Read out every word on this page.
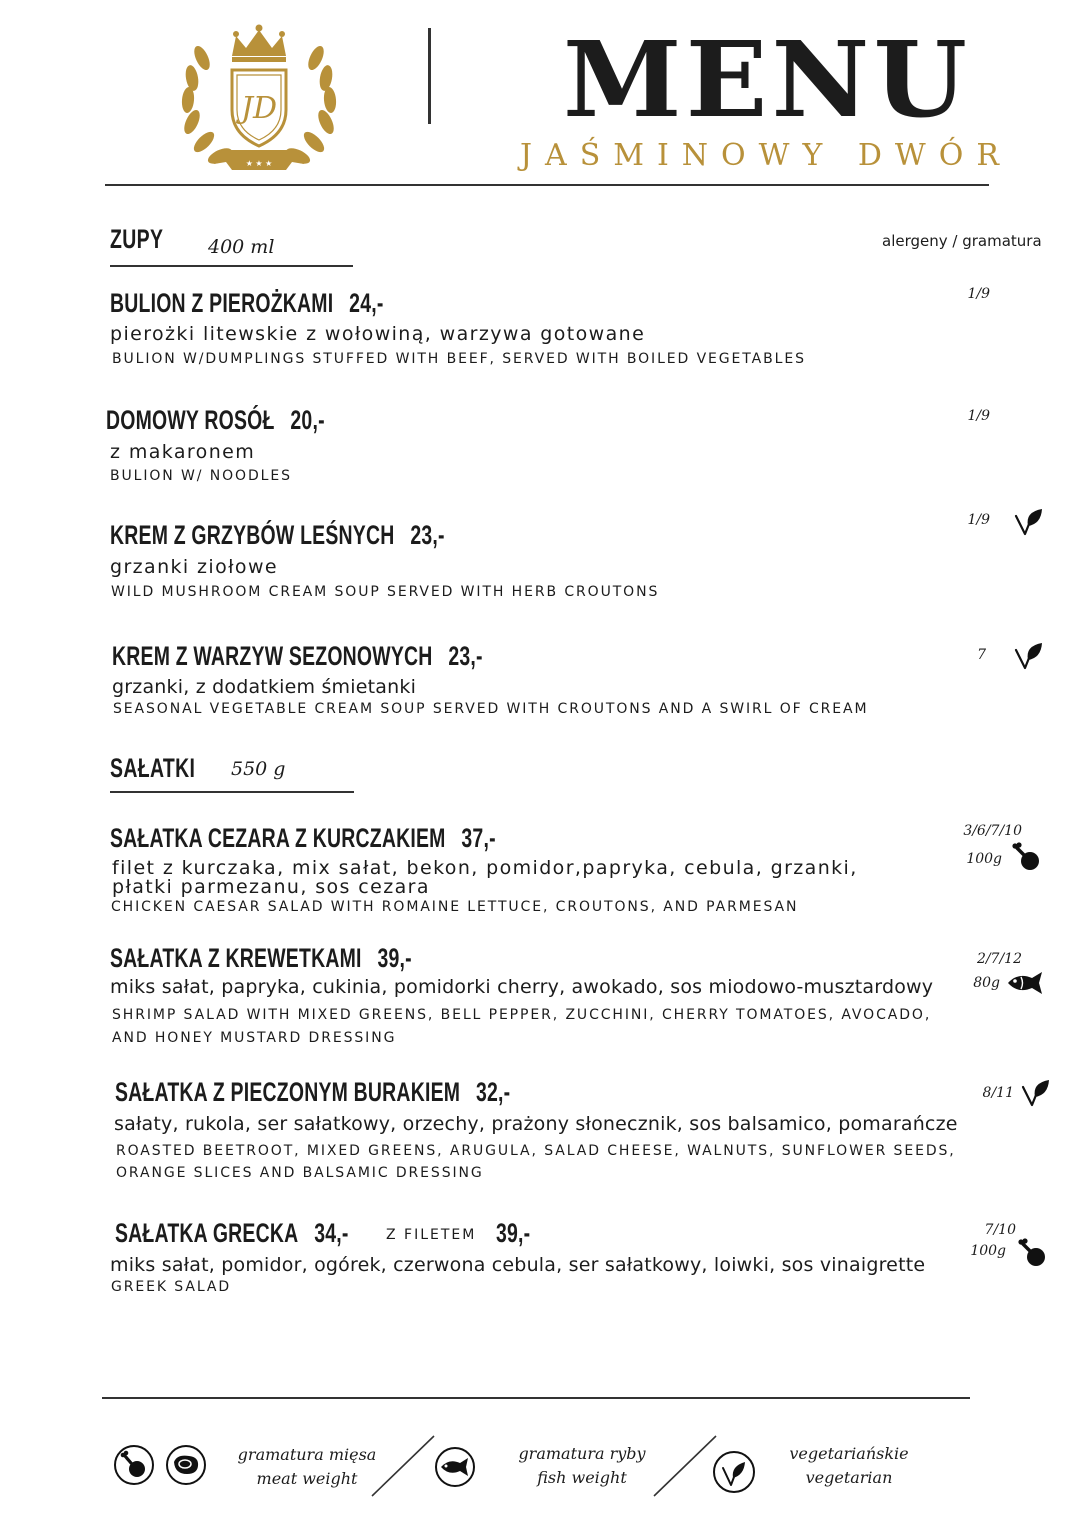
★ ★ ★
JD	MENU
JAŚMINOWY DWÓR
ZUPY 400 ml	alergeny / gramatura
BULION Z PIEROŻKAMI 24,-
pierożki litewskie z wołowiną, warzywa gotowane
BULION W/DUMPLINGS STUFFED WITH BEEF, SERVED WITH BOILED VEGETABLES
1/9
DOMOWY ROSÓŁ 20,-
z makaronem
BULION W/ NOODLES
1/9
KREM Z GRZYBÓW LEŚNYCH 23,-
grzanki ziołowe
WILD MUSHROOM CREAM SOUP SERVED WITH HERB CROUTONS
1/9
KREM Z WARZYW SEZONOWYCH 23,-
grzanki, z dodatkiem śmietanki
SEASONAL VEGETABLE CREAM SOUP SERVED WITH CROUTONS AND A SWIRL OF CREAM
7
SAŁATKI 550 g
SAŁATKA CEZARA Z KURCZAKIEM 37,-
filet z kurczaka, mix sałat, bekon, pomidor,papryka, cebula, grzanki,
płatki parmezanu, sos cezara
CHICKEN CAESAR SALAD WITH ROMAINE LETTUCE, CROUTONS, AND PARMESAN
3/6/7/10
100g
SAŁATKA Z KREWETKAMI 39,-
miks sałat, papryka, cukinia, pomidorki cherry, awokado, sos miodowo-musztardowy
SHRIMP SALAD WITH MIXED GREENS, BELL PEPPER, ZUCCHINI, CHERRY TOMATOES, AVOCADO,
AND HONEY MUSTARD DRESSING
2/7/12
80g
SAŁATKA Z PIECZONYM BURAKIEM 32,-
sałaty, rukola, ser sałatkowy, orzechy, prażony słonecznik, sos balsamico, pomarańcze
ROASTED BEETROOT, MIXED GREENS, ARUGULA, SALAD CHEESE, WALNUTS, SUNFLOWER SEEDS,
ORANGE SLICES AND BALSAMIC DRESSING
8/11
SAŁATKA GRECKA 34,-	Z FILETEM 39,-
miks sałat, pomidor, ogórek, czerwona cebula, ser sałatkowy, loiwki, sos vinaigrette
GREEK SALAD
7/10
100g
gramatura mięsa
meat weight
gramatura ryby
fish weight
vegetariańskie
vegetarian
